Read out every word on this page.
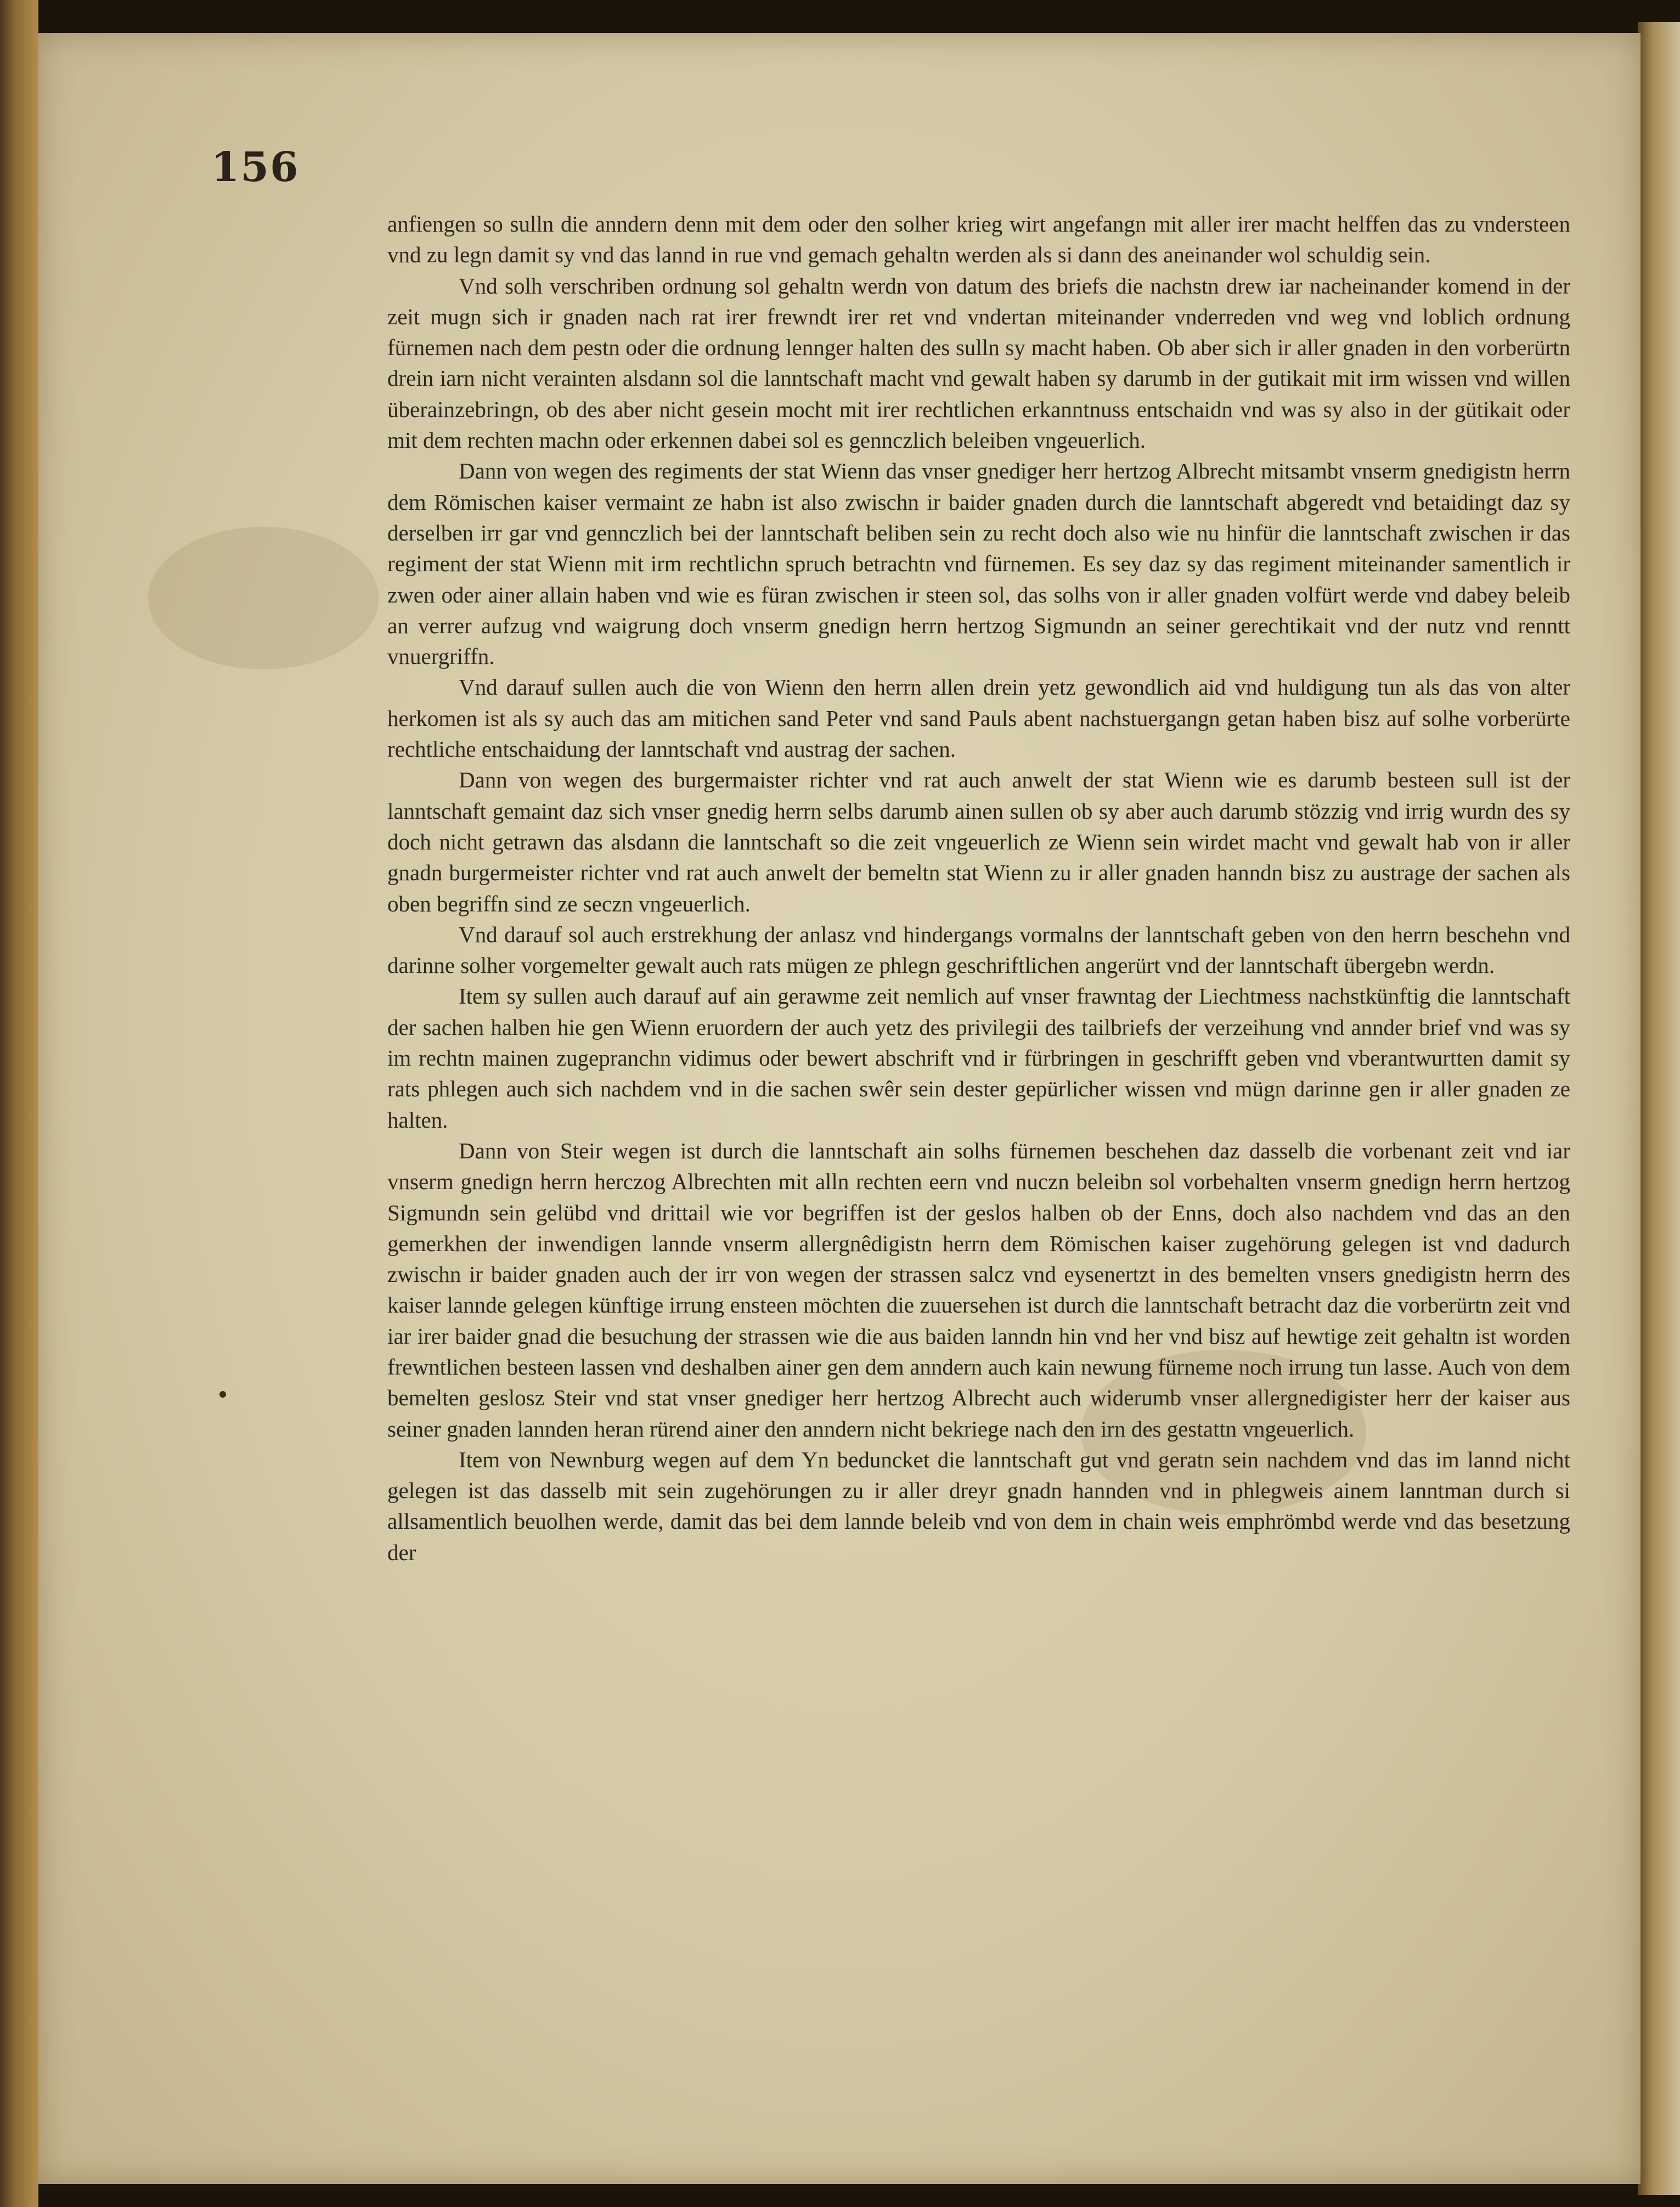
156

anfiengen so sulln die anndern denn mit dem oder den solher krieg wirt angefangn mit aller irer macht helffen das zu vndersteen vnd zu legn damit sy vnd das lannd in rue vnd gemach gehaltn werden als si dann des aneinander wol schuldig sein.

Vnd solh verschriben ordnung sol gehaltn werdn von datum des briefs die nachstn drew iar nacheinander komend in der zeit mugn sich ir gnaden nach rat irer frewndt irer ret vnd vndertan miteinander vnderreden vnd weg vnd loblich ordnung fürnemen nach dem pestn oder die ordnung lennger halten des sulln sy macht haben. Ob aber sich ir aller gnaden in den vorberürtn drein iarn nicht verainten alsdann sol die lanntschaft macht vnd gewalt haben sy darumb in der gutikait mit irm wissen vnd willen überainzebringn, ob des aber nicht gesein mocht mit irer rechtlichen erkanntnuss entschaidn vnd was sy also in der gütikait oder mit dem rechten machn oder erkennen dabei sol es gennczlich beleiben vngeuerlich.

Dann von wegen des regiments der stat Wienn das vnser gnediger herr hertzog Albrecht mitsambt vnserm gnedigistn herrn dem Römischen kaiser vermaint ze habn ist also zwischn ir baider gnaden durch die lanntschaft abgeredt vnd betaidingt daz sy derselben irr gar vnd gennczlich bei der lanntschaft beliben sein zu recht doch also wie nu hinfür die lanntschaft zwischen ir das regiment der stat Wienn mit irm rechtlichn spruch betrachtn vnd fürnemen. Es sey daz sy das regiment miteinander samentlich ir zwen oder ainer allain haben vnd wie es füran zwischen ir steen sol, das solhs von ir aller gnaden volfürt werde vnd dabey beleib an verrer aufzug vnd waigrung doch vnserm gnedign herrn hertzog Sigmundn an seiner gerechtikait vnd der nutz vnd renntt vnuergriffn.

Vnd darauf sullen auch die von Wienn den herrn allen drein yetz gewondlich aid vnd huldigung tun als das von alter herkomen ist als sy auch das am mitichen sand Peter vnd sand Pauls abent nachstuergangn getan haben bisz auf solhe vorberürte rechtliche entschaidung der lanntschaft vnd austrag der sachen.

Dann von wegen des burgermaister richter vnd rat auch anwelt der stat Wienn wie es darumb besteen sull ist der lanntschaft gemaint daz sich vnser gnedig herrn selbs darumb ainen sullen ob sy aber auch darumb stözzig vnd irrig wurdn des sy doch nicht getrawn das alsdann die lanntschaft so die zeit vngeuerlich ze Wienn sein wirdet macht vnd gewalt hab von ir aller gnadn burgermeister richter vnd rat auch anwelt der bemeltn stat Wienn zu ir aller gnaden hanndn bisz zu austrage der sachen als oben begriffn sind ze seczn vngeuerlich.

Vnd darauf sol auch erstrekhung der anlasz vnd hindergangs vormalns der lanntschaft geben von den herrn beschehn vnd darinne solher vorgemelter gewalt auch rats mügen ze phlegn geschriftlichen angerürt vnd der lanntschaft übergebn werdn.

Item sy sullen auch darauf auf ain gerawme zeit nemlich auf vnser frawntag der Liechtmess nachstkünftig die lanntschaft der sachen halben hie gen Wienn eruordern der auch yetz des privilegii des tailbriefs der verzeihung vnd annder brief vnd was sy im rechtn mainen zugepranchn vidimus oder bewert abschrift vnd ir fürbringen in geschrifft geben vnd vberantwurtten damit sy rats phlegen auch sich nachdem vnd in die sachen swêr sein dester gepürlicher wissen vnd mügn darinne gen ir aller gnaden ze halten.

Dann von Steir wegen ist durch die lanntschaft ain solhs fürnemen beschehen daz dasselb die vorbenant zeit vnd iar vnserm gnedign herrn herczog Albrechten mit alln rechten eern vnd nuczn beleibn sol vorbehalten vnserm gnedign herrn hertzog Sigmundn sein gelübd vnd drittail wie vor begriffen ist der geslos halben ob der Enns, doch also nachdem vnd das an den gemerkhen der inwendigen lannde vnserm allergnêdigistn herrn dem Römischen kaiser zugehörung gelegen ist vnd dadurch zwischn ir baider gnaden auch der irr von wegen der strassen salcz vnd eysenertzt in des bemelten vnsers gnedigistn herrn des kaiser lannde gelegen künftige irrung ensteen möchten die zuuersehen ist durch die lanntschaft betracht daz die vorberürtn zeit vnd iar irer baider gnad die besuchung der strassen wie die aus baiden lanndn hin vnd her vnd bisz auf hewtige zeit gehaltn ist worden frewntlichen besteen lassen vnd deshalben ainer gen dem anndern auch kain newung fürneme noch irrung tun lasse. Auch von dem bemelten geslosz Steir vnd stat vnser gnediger herr hertzog Albrecht auch widerumb vnser allergnedigister herr der kaiser aus seiner gnaden lannden heran rürend ainer den anndern nicht bekriege nach den irn des gestattn vngeuerlich.

Item von Newnburg wegen auf dem Yn beduncket die lanntschaft gut vnd geratn sein nachdem vnd das im lannd nicht gelegen ist das dasselb mit sein zugehörungen zu ir aller dreyr gnadn hannden vnd in phlegweis ainem lanntman durch si allsamentlich beuolhen werde, damit das bei dem lannde beleib vnd von dem in chain weis emphrömbd werde vnd das besetzung der
